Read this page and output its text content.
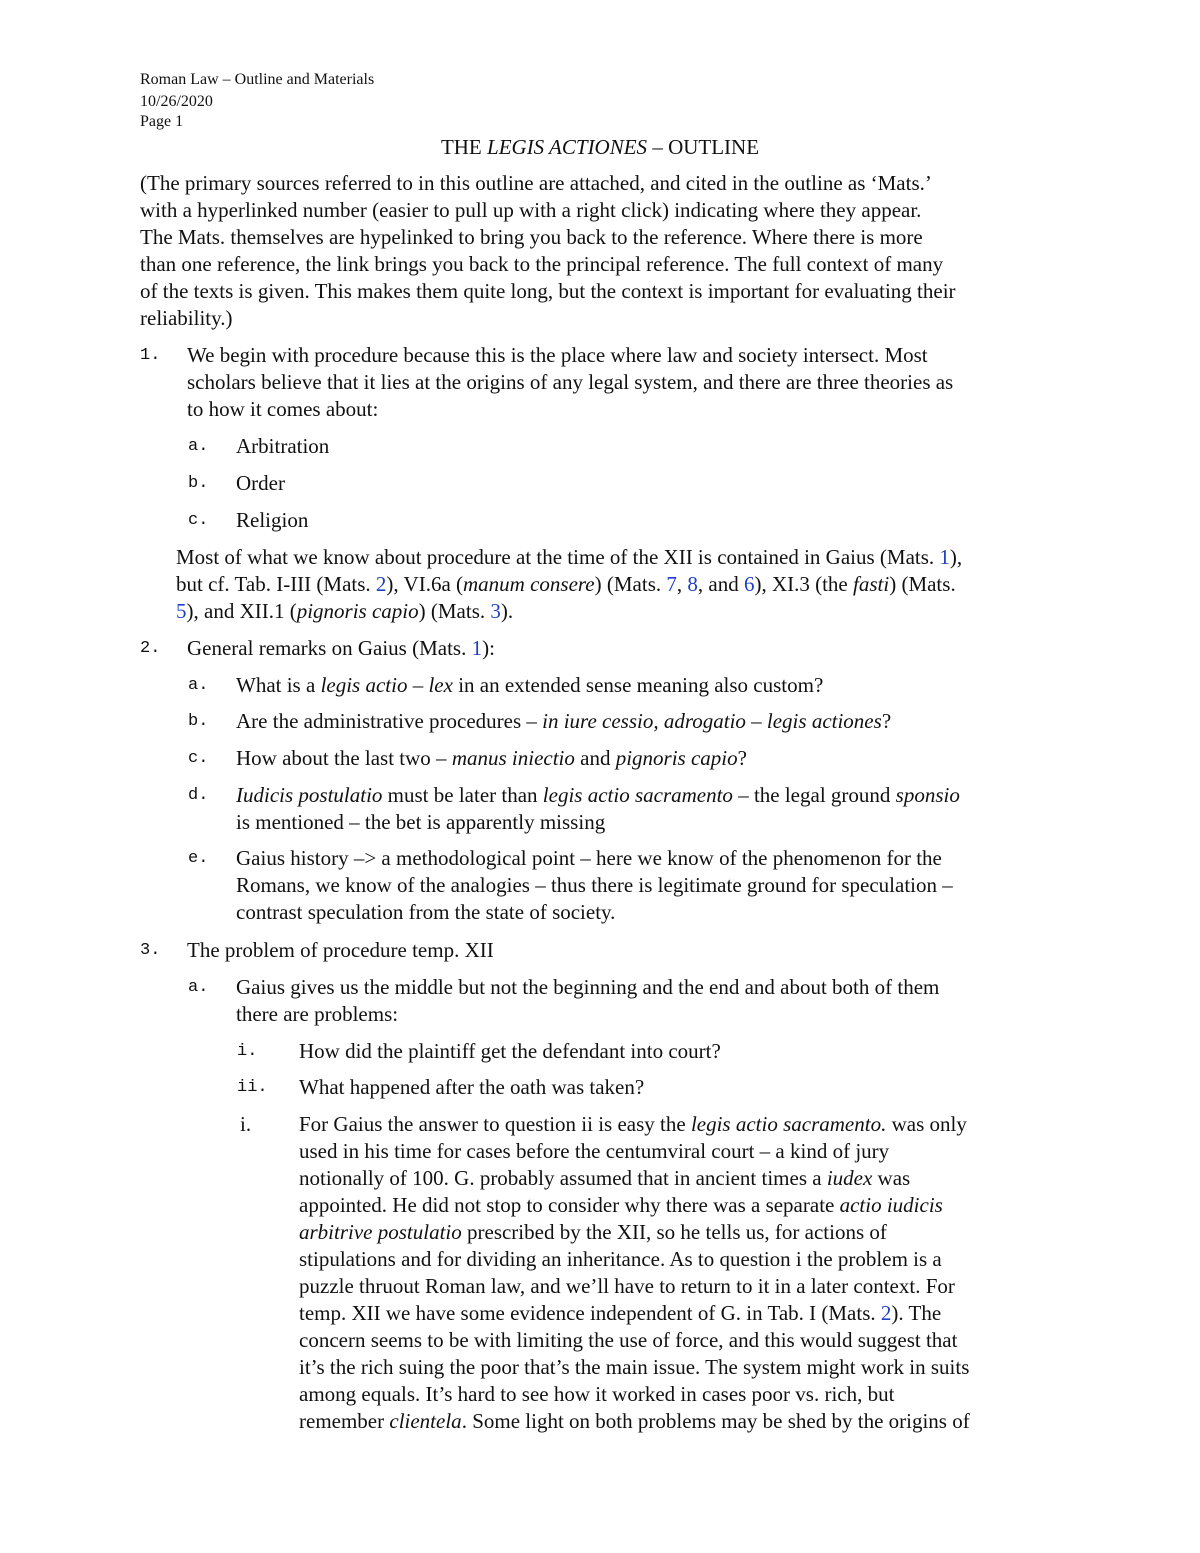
Roman Law – Outline and Materials
10/26/2020
Page 1
THE LEGIS ACTIONES – OUTLINE
(The primary sources referred to in this outline are attached, and cited in the outline as ‘Mats.’
with a hyperlinked number (easier to pull up with a right click) indicating where they appear.
The Mats. themselves are hypelinked to bring you back to the reference. Where there is more
than one reference, the link brings you back to the principal reference. The full context of many
of the texts is given. This makes them quite long, but the context is important for evaluating their
reliability.)
1. We begin with procedure because this is the place where law and society intersect. Most
scholars believe that it lies at the origins of any legal system, and there are three theories as
to how it comes about:
a. Arbitration
b. Order
c. Religion
Most of what we know about procedure at the time of the XII is contained in Gaius (Mats. 1),
but cf. Tab. I-III (Mats. 2), VI.6a (manum consere) (Mats. 7, 8, and 6), XI.3 (the fasti) (Mats.
5), and XII.1 (pignoris capio) (Mats. 3).
2. General remarks on Gaius (Mats. 1):
a. What is a legis actio – lex in an extended sense meaning also custom?
b. Are the administrative procedures – in iure cessio, adrogatio – legis actiones?
c. How about the last two – manus iniectio and pignoris capio?
d. Iudicis postulatio must be later than legis actio sacramento – the legal ground sponsio
is mentioned – the bet is apparently missing
e. Gaius history –> a methodological point – here we know of the phenomenon for the
Romans, we know of the analogies – thus there is legitimate ground for speculation –
contrast speculation from the state of society.
3. The problem of procedure temp. XII
a. Gaius gives us the middle but not the beginning and the end and about both of them
there are problems:
i. How did the plaintiff get the defendant into court?
ii. What happened after the oath was taken?
i. For Gaius the answer to question ii is easy the legis actio sacramento. was only
used in his time for cases before the centumviral court – a kind of jury
notionally of 100. G. probably assumed that in ancient times a iudex was
appointed. He did not stop to consider why there was a separate actio iudicis
arbitrive postulatio prescribed by the XII, so he tells us, for actions of
stipulations and for dividing an inheritance. As to question i the problem is a
puzzle thruout Roman law, and we’ll have to return to it in a later context. For
temp. XII we have some evidence independent of G. in Tab. I (Mats. 2). The
concern seems to be with limiting the use of force, and this would suggest that
it’s the rich suing the poor that’s the main issue. The system might work in suits
among equals. It’s hard to see how it worked in cases poor vs. rich, but
remember clientela. Some light on both problems may be shed by the origins of
